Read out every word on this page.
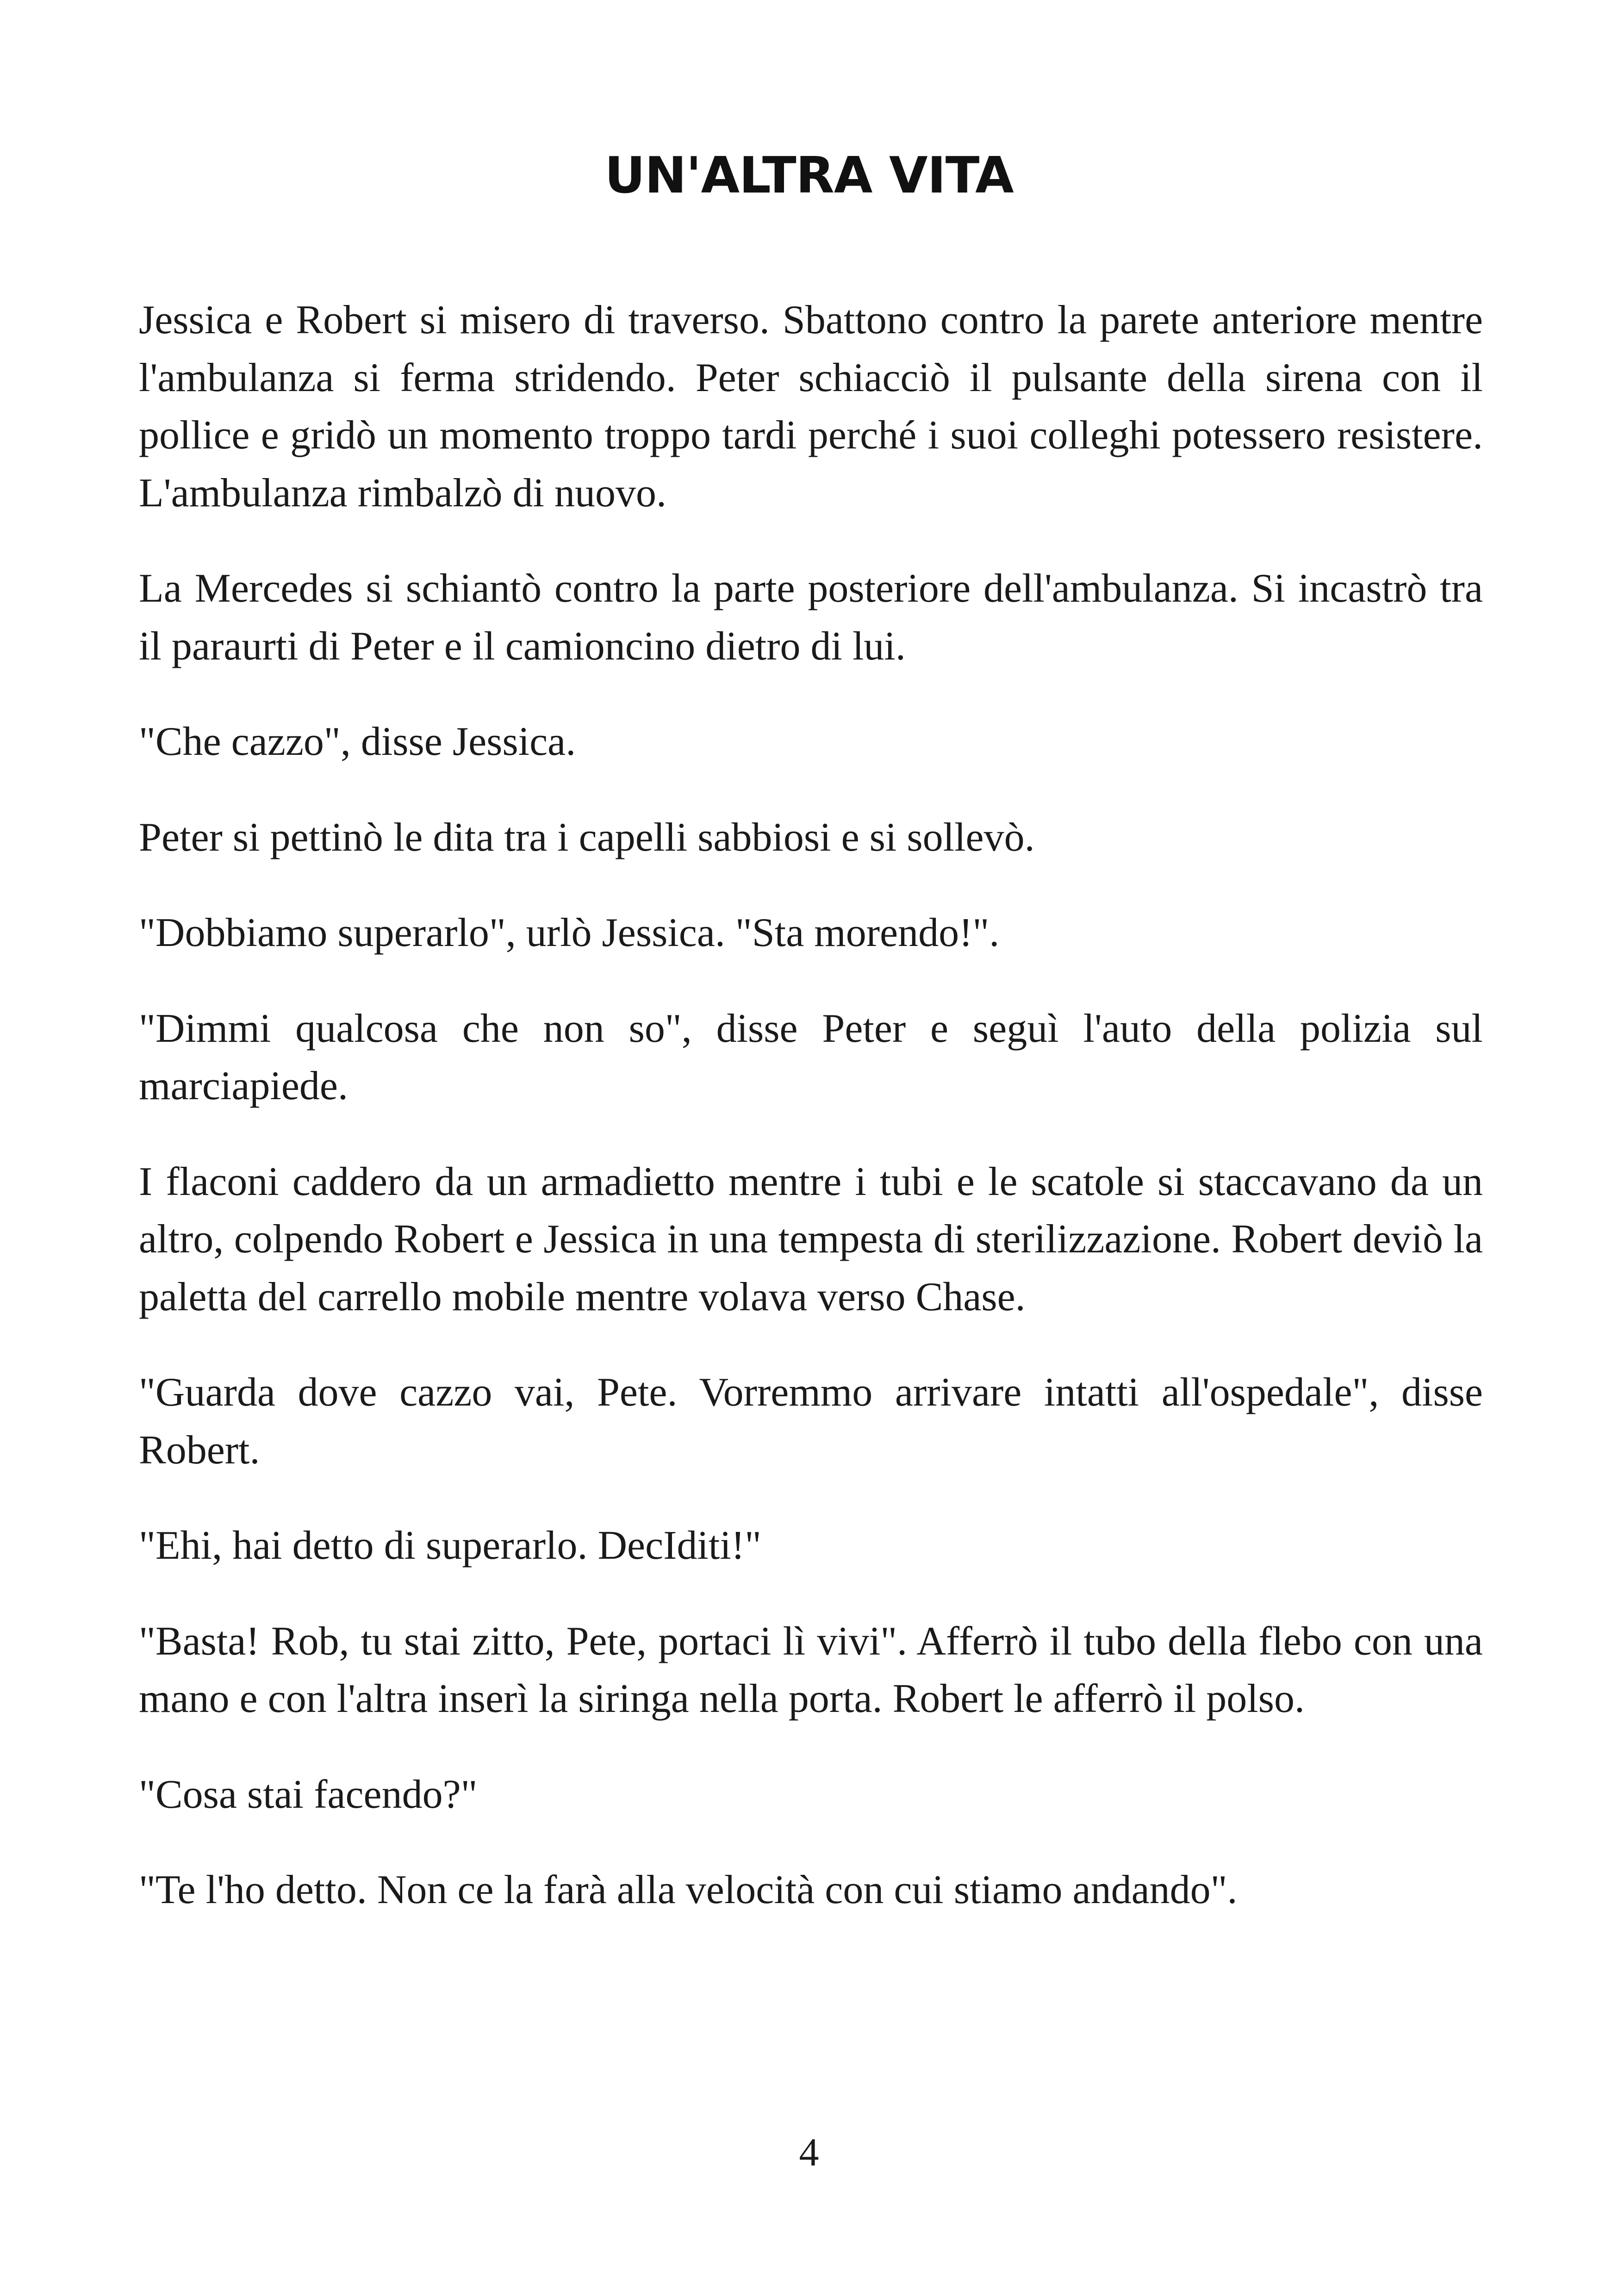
UN'ALTRA VITA

Jessica e Robert si misero di traverso. Sbattono contro la parete anteriore mentre l'ambulanza si ferma stridendo. Peter schiacciò il pulsante della sirena con il pollice e gridò un momento troppo tardi perché i suoi colleghi potessero resistere. L'ambulanza rimbalzò di nuovo.

La Mercedes si schiantò contro la parte posteriore dell'ambulanza. Si incastrò tra il paraurti di Peter e il camioncino dietro di lui.

"Che cazzo", disse Jessica.

Peter si pettinò le dita tra i capelli sabbiosi e si sollevò.

"Dobbiamo superarlo", urlò Jessica. "Sta morendo!".

"Dimmi qualcosa che non so", disse Peter e seguì l'auto della polizia sul marciapiede.

I flaconi caddero da un armadietto mentre i tubi e le scatole si staccavano da un altro, colpendo Robert e Jessica in una tempesta di sterilizzazione. Robert deviò la paletta del carrello mobile mentre volava verso Chase.

"Guarda dove cazzo vai, Pete. Vorremmo arrivare intatti all'ospedale", disse Robert.

"Ehi, hai detto di superarlo. DecIditi!"

"Basta! Rob, tu stai zitto, Pete, portaci lì vivi". Afferrò il tubo della flebo con una mano e con l'altra inserì la siringa nella porta. Robert le afferrò il polso.

"Cosa stai facendo?"

"Te l'ho detto. Non ce la farà alla velocità con cui stiamo andando".

4
